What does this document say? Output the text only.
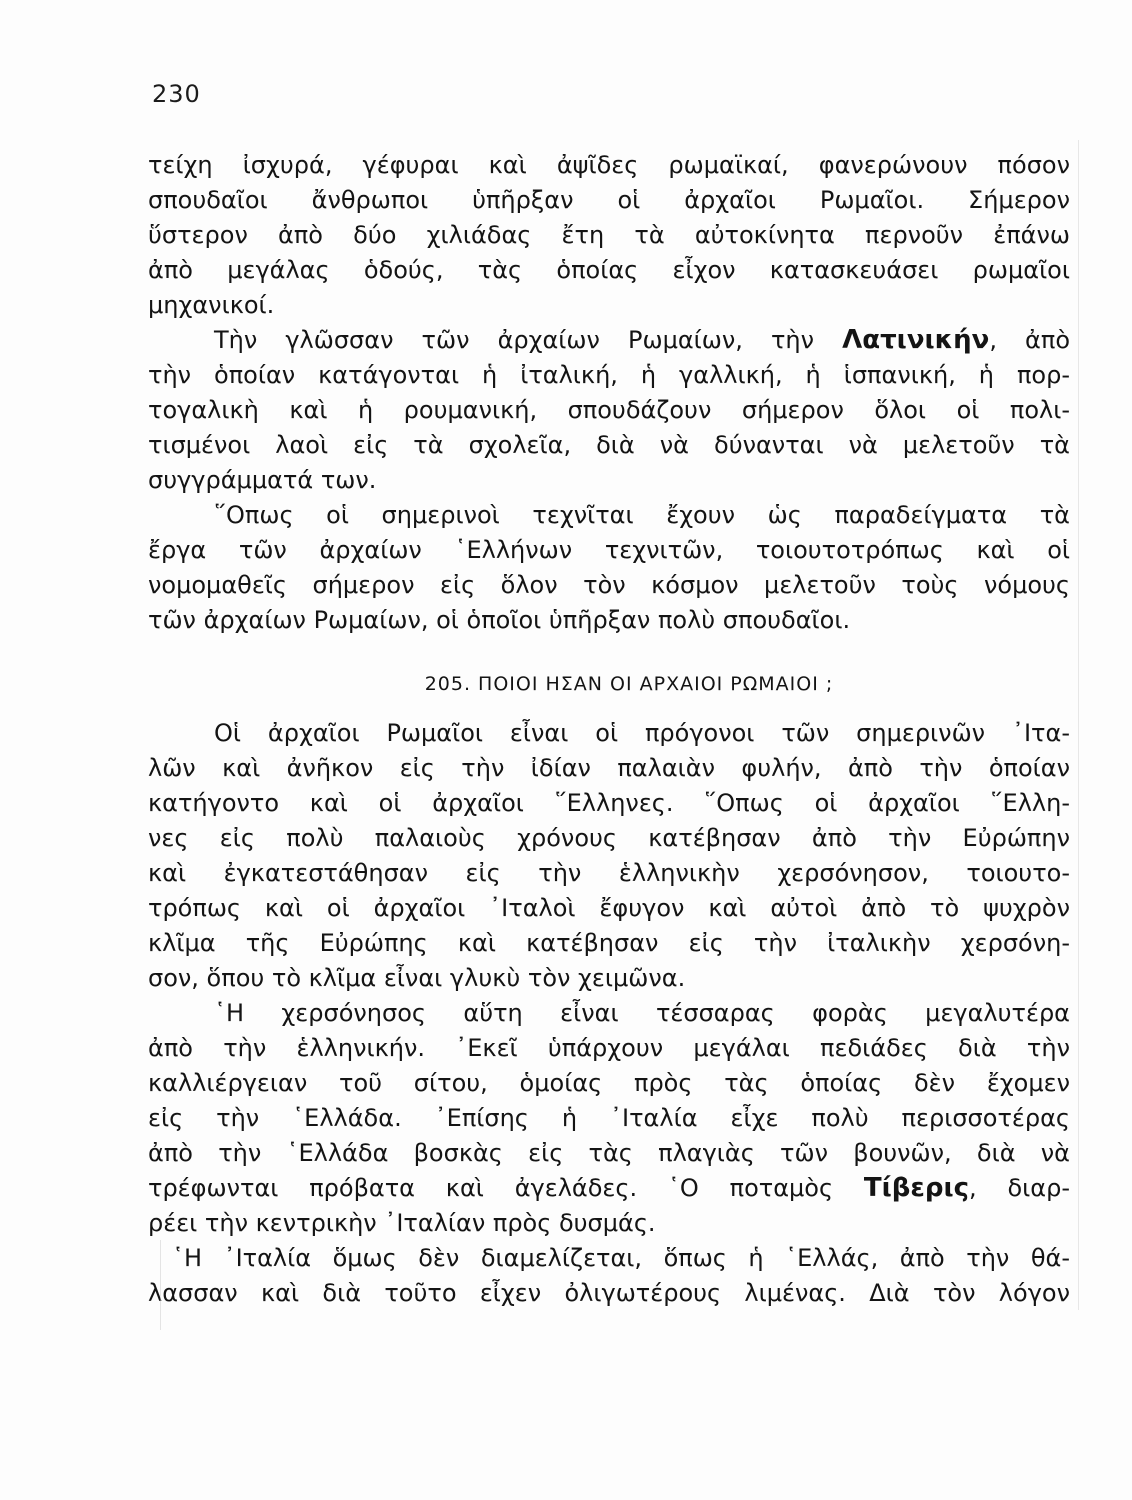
230
τείχη ἰσχυρά, γέφυραι καὶ ἀψῖδες ρωμαϊκαί, φανερώνουν πόσον
σπουδαῖοι ἄνθρωποι ὑπῆρξαν οἱ ἀρχαῖοι Ρωμαῖοι. Σήμερον
ὕστερον ἀπὸ δύο χιλιάδας ἔτη τὰ αὐτοκίνητα περνοῦν ἐπάνω
ἀπὸ μεγάλας ὁδούς, τὰς ὁποίας εἶχον κατασκευάσει ρωμαῖοι
μηχανικοί.
Τὴν γλῶσσαν τῶν ἀρχαίων Ρωμαίων, τὴν Λατινικήν, ἀπὸ
τὴν ὁποίαν κατάγονται ἡ ἰταλική, ἡ γαλλική, ἡ ἱσπανική, ἡ πορ-
τογαλικὴ καὶ ἡ ρουμανική, σπουδάζουν σήμερον ὅλοι οἱ πολι-
τισμένοι λαοὶ εἰς τὰ σχολεῖα, διὰ νὰ δύνανται νὰ μελετοῦν τὰ
συγγράμματά των.
῞Οπως οἱ σημερινοὶ τεχνῖται ἔχουν ὡς παραδείγματα τὰ
ἔργα τῶν ἀρχαίων ῾Ελλήνων τεχνιτῶν, τοιουτοτρόπως καὶ οἱ
νομομαθεῖς σήμερον εἰς ὅλον τὸν κόσμον μελετοῦν τοὺς νόμους
τῶν ἀρχαίων Ρωμαίων, οἱ ὁποῖοι ὑπῆρξαν πολὺ σπουδαῖοι.
205. ΠΟΙΟΙ ΗΣΑΝ ΟΙ ΑΡΧΑΙΟΙ ΡΩΜΑΙΟΙ ;
Οἱ ἀρχαῖοι Ρωμαῖοι εἶναι οἱ πρόγονοι τῶν σημερινῶν ᾿Ιτα-
λῶν καὶ ἀνῆκον εἰς τὴν ἰδίαν παλαιὰν φυλήν, ἀπὸ τὴν ὁποίαν
κατήγοντο καὶ οἱ ἀρχαῖοι ῞Ελληνες. ῞Οπως οἱ ἀρχαῖοι ῞Ελλη-
νες εἰς πολὺ παλαιοὺς χρόνους κατέβησαν ἀπὸ τὴν Εὐρώπην
καὶ ἐγκατεστάθησαν εἰς τὴν ἑλληνικὴν χερσόνησον, τοιουτο-
τρόπως καὶ οἱ ἀρχαῖοι ᾿Ιταλοὶ ἔφυγον καὶ αὐτοὶ ἀπὸ τὸ ψυχρὸν
κλῖμα τῆς Εὐρώπης καὶ κατέβησαν εἰς τὴν ἰταλικὴν χερσόνη-
σον, ὅπου τὸ κλῖμα εἶναι γλυκὺ τὸν χειμῶνα.
῾Η χερσόνησος αὕτη εἶναι τέσσαρας φορὰς μεγαλυτέρα
ἀπὸ τὴν ἑλληνικήν. ᾿Εκεῖ ὑπάρχουν μεγάλαι πεδιάδες διὰ τὴν
καλλιέργειαν τοῦ σίτου, ὁμοίας πρὸς τὰς ὁποίας δὲν ἔχομεν
εἰς τὴν ῾Ελλάδα. ᾿Επίσης ἡ ᾿Ιταλία εἶχε πολὺ περισσοτέρας
ἀπὸ τὴν ῾Ελλάδα βοσκὰς εἰς τὰς πλαγιὰς τῶν βουνῶν, διὰ νὰ
τρέφωνται πρόβατα καὶ ἀγελάδες. ῾Ο ποταμὸς Τίβερις, διαρ-
ρέει τὴν κεντρικὴν ᾿Ιταλίαν πρὸς δυσμάς.
῾Η ᾿Ιταλία ὅμως δὲν διαμελίζεται, ὅπως ἡ ῾Ελλάς, ἀπὸ τὴν θά-
λασσαν καὶ διὰ τοῦτο εἶχεν ὀλιγωτέρους λιμένας. Διὰ τὸν λόγον
